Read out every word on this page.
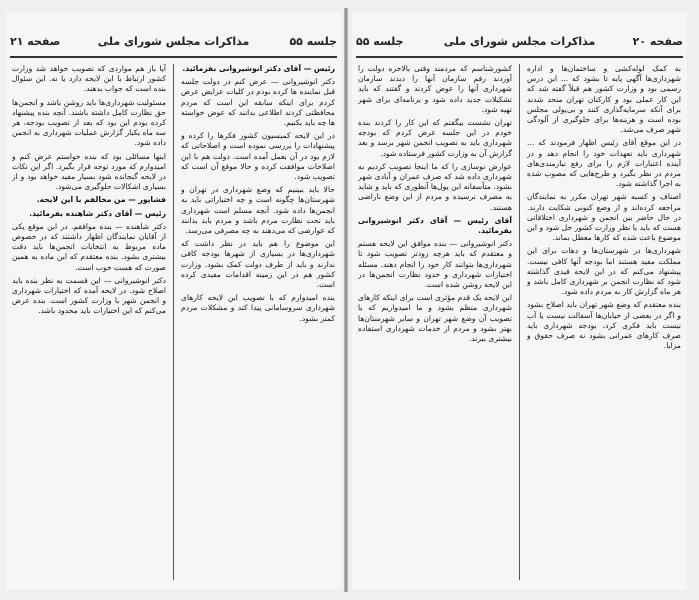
صفحه ۲۱	مذاکرات مجلس شورای ملی	جلسه ۵۵

رئیس — آقای دکتر انوشیروانی بفرمائید.

دکتر انوشیروانی — عرض کنم در دولت جلسه قبل نماینده ها کرده بودم در کلیات عرایض عرض کردم برای اینکه سابقه این است که مردم محافظتی کردند اطلاعی بدانند که عوض خواسته ها چه باید بکنیم.

در این لایحه کمیسیون کشور فکرها را کرده و پیشنهادات را بررسی نموده است و اصلاحاتی که لازم بود در آن بعمل آمده است. دولت هم با این اصلاحات موافقت کرده و حالا موقع آن است که تصویب شود.

حالا باید ببینیم که وضع شهرداری در تهران و شهرستان‌ها چگونه است و چه اختیاراتی باید به انجمن‌ها داده شود. آنچه مسلم است شهرداری باید تحت نظارت مردم باشد و مردم باید بدانند که عوارضی که می‌دهند به چه مصرفی می‌رسد.

این موضوع را هم باید در نظر داشت که شهرداری‌ها در بسیاری از شهرها بودجه کافی ندارند و باید از طرف دولت کمک بشود. وزارت کشور هم در این زمینه اقدامات مفیدی کرده است.

بنده امیدوارم که با تصویب این لایحه کارهای شهرداری سروسامانی پیدا کند و مشکلات مردم کمتر بشود.

آیا باز هم مواردی که تصویب خواهد شد وزارت کشور ارتباط با این لایحه دارد یا نه. این سئوال بنده است که جواب بدهند.

مسئولیت شهرداری‌ها باید روشن باشد و انجمن‌ها حق نظارت کامل داشته باشند. آنچه بنده پیشنهاد کرده بودم این بود که بعد از تصویب بودجه، هر سه ماه یکبار گزارش عملیات شهرداری به انجمن داده شود.

اینها مسائلی بود که بنده خواستم عرض کنم و امیدوارم که مورد توجه قرار بگیرد. اگر این نکات در لایحه گنجانده شود بسیار مفید خواهد بود و از بسیاری اشکالات جلوگیری می‌شود.

فشاپور — من مخالفم با این لایحه.

رئیس — آقای دکتر شاهنده بفرمائید.

دکتر شاهنده — بنده موافقم. در این موقع یکی از آقایان نمایندگان اظهار داشتند که در خصوص ماده مربوط به انتخابات انجمن‌ها باید دقت بیشتری بشود. بنده معتقدم که این ماده به همین صورت که هست خوب است.

دکتر انوشیروانی — این قسمت به نظر بنده باید اصلاح شود. در لایحه آمده که اختیارات شهرداری و انجمن شهر با وزارت کشور است. بنده عرض می‌کنم که این اختیارات باید محدود باشد.

صفحه ۲۰
مذاکرات مجلس شورای ملی
جلسه ۵۵

به کمک لوله‌کشی و ساختمان‌ها و اداره شهرداری‌ها آگهی پایه تا بشود که ... این درس رسمی بود و وزارت کشور هم قبلاً گفته شد که این کار عملی بود و کارکنان تهران متحد شدند برای آنکه سرمایه‌گذاری کنند و بی‌پولی مجلس بوده است و هزینه‌ها برای جلوگیری از آلودگی شهر صرف می‌شد.

در این موقع آقای رئیس اظهار فرمودند که ... شهرداری باید تعهدات خود را انجام دهد و در آینده اعتبارات لازم را برای رفع نیازمندی‌های مردم در نظر بگیرد و طرح‌هایی که مصوب شده به اجرا گذاشته شود.

اصناف و کسبه شهر تهران مکرر به نمایندگان مراجعه کرده‌اند و از وضع کنونی شکایت دارند. در حال حاضر بین انجمن و شهرداری اختلافاتی هست که باید با نظر وزارت کشور حل شود و این موضوع باعث شده که کارها معطل بماند.

شهرداری‌ها در شهرستان‌ها و دهات برای این مملکت مفید هستند اما بودجه آنها کافی نیست. پیشنهاد می‌کنم که در این لایحه قیدی گذاشته شود که نظارت انجمن بر شهرداری کامل باشد و هر ماه گزارش کار به مردم داده شود.

بنده معتقدم که وضع شهر تهران باید اصلاح بشود و اگر در بعضی از خیابان‌ها آسفالت نیست یا آب نیست باید فکری کرد، بودجه شهرداری باید صرف کارهای عمرانی بشود نه صرف حقوق و مزایا.

کشورشناسم که مردمند وقتی بالاخره دولت را آوردند رقم سازمان آنها را دیدند سازمان شهرداری آنها را عوض کردند و گفتند که باید تشکیلات جدید داده شود و برنامه‌ای برای شهر تهیه شود.

تهران نشست بیگفتم که این کار را کردند بنده خودم در این جلسه عرض کردم که بودجه شهرداری باید به تصویب انجمن شهر برسد و بعد گزارش آن به وزارت کشور فرستاده شود.

عوارض نوسازی را که ما اینجا تصویب کردیم به شهرداری داده شد که صرف عمران و آبادی شهر بشود. متأسفانه این پول‌ها آنطوری که باید و شاید به مصرف نرسیده و مردم از این وضع ناراضی هستند.

آقای رئیس — آقای دکتر انوشیروانی بفرمائید.

دکتر انوشیروانی — بنده موافق این لایحه هستم و معتقدم که باید هرچه زودتر تصویب شود تا شهرداری‌ها بتوانند کار خود را انجام دهند. مسئله اختیارات شهرداری و حدود نظارت انجمن‌ها در این لایحه روشن شده است.

این لایحه یک قدم مؤثری است برای اینکه کارهای شهرداری منظم بشود و ما امیدواریم که با تصویب آن وضع شهر تهران و سایر شهرستان‌ها بهتر بشود و مردم از خدمات شهرداری استفاده بیشتری ببرند.
